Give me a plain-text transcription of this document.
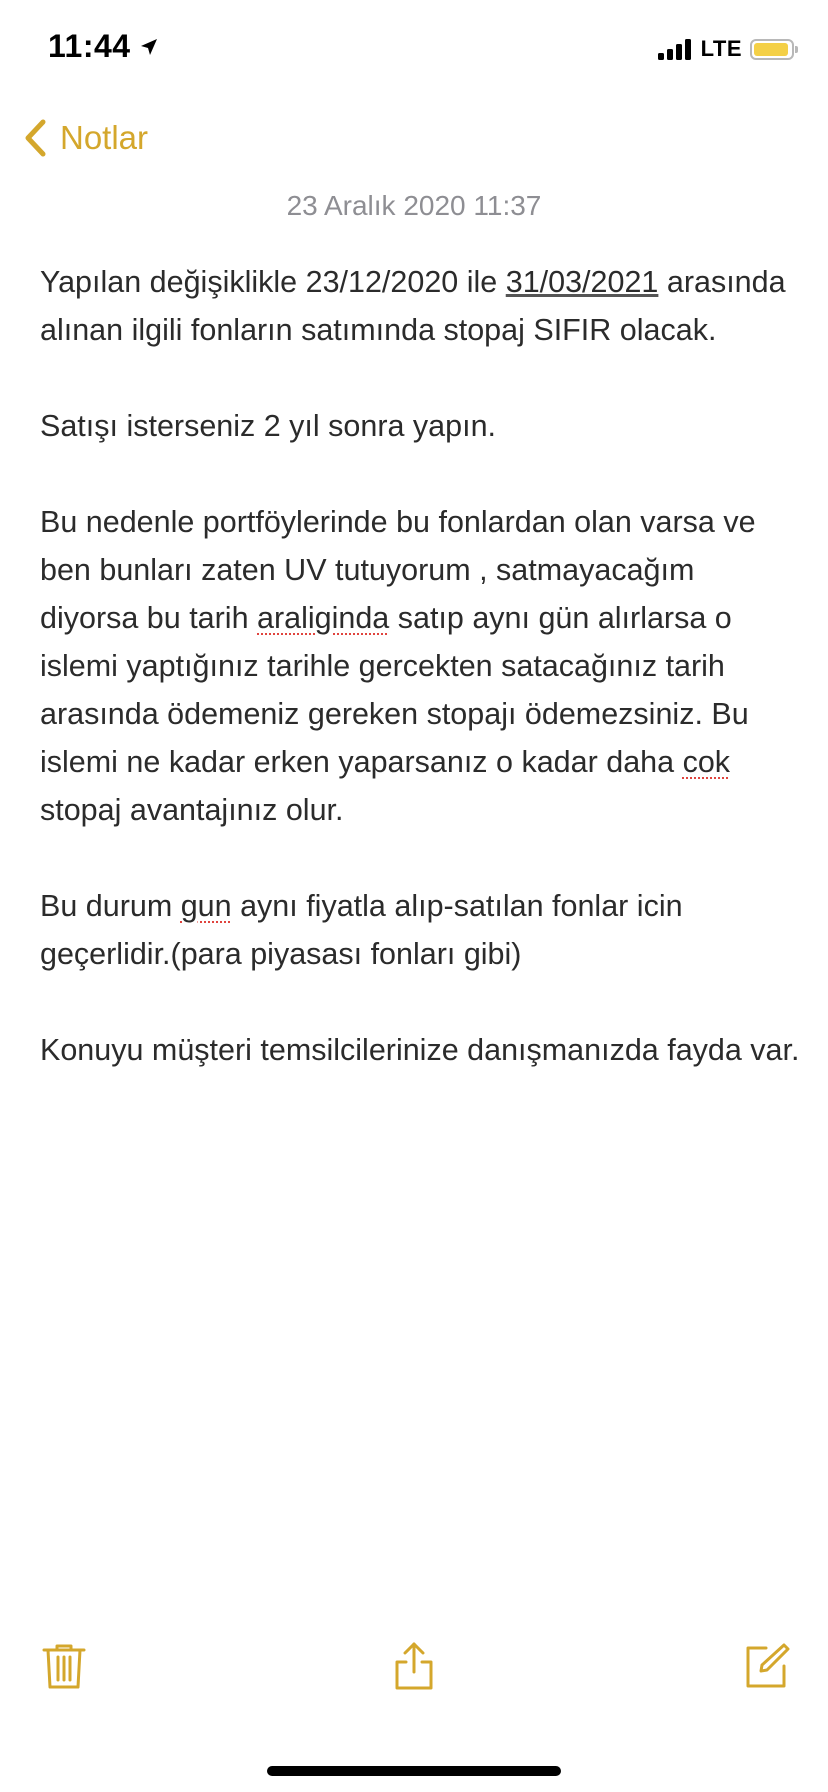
11:44	LTE
Notlar
23 Aralık 2020 11:37

Yapılan değişiklikle 23/12/2020 ile 31/03/2021 arasında alınan ilgili fonların satımında stopaj SIFIR olacak.

Satışı isterseniz 2 yıl sonra yapın.

Bu nedenle portföylerinde bu fonlardan olan varsa ve ben bunları zaten UV tutuyorum , satmayacağım diyorsa bu tarih araliginda satıp aynı gün alırlarsa o islemi yaptığınız tarihle gercekten satacağınız tarih arasında ödemeniz gereken stopajı ödemezsiniz. Bu islemi ne kadar erken yaparsanız o kadar daha cok stopaj avantajınız olur.

Bu durum gun aynı fiyatla alıp-satılan fonlar icin geçerlidir.(para piyasası fonları gibi)

Konuyu müşteri temsilcilerinize danışmanızda fayda var.
